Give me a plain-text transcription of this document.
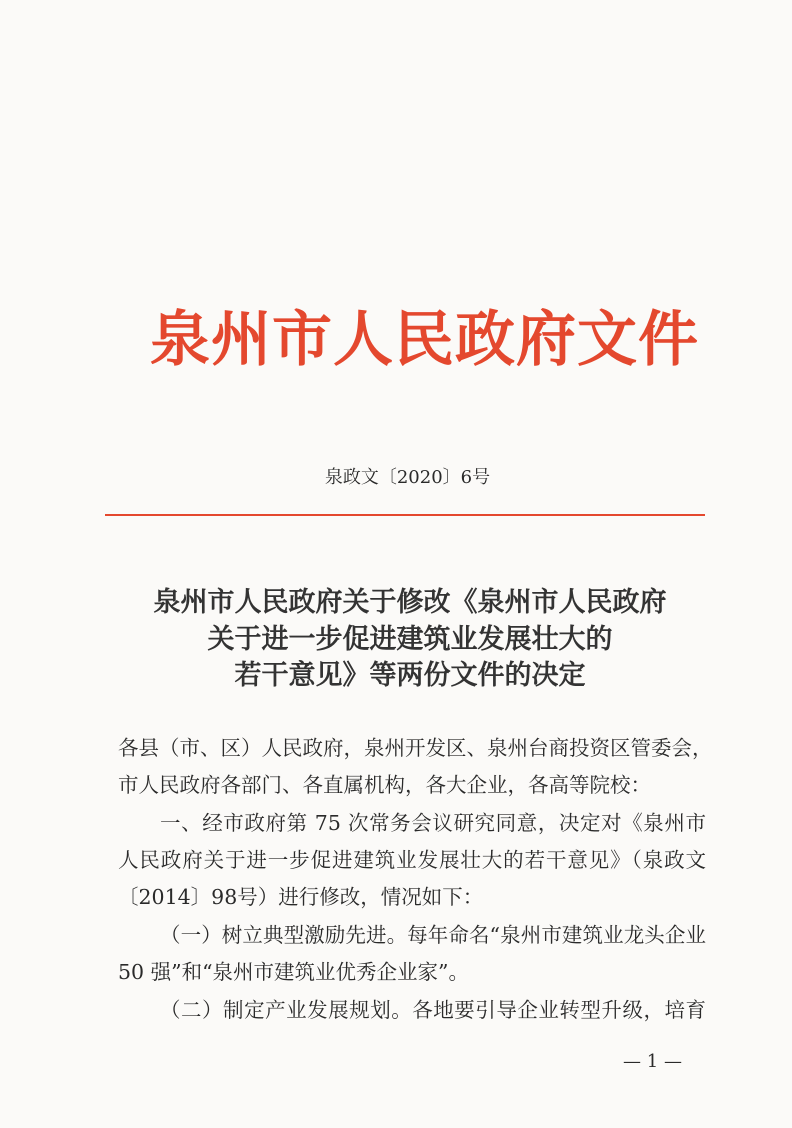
泉州市人民政府文件
泉政文〔2020〕6号
泉州市人民政府关于修改《泉州市人民政府
关于进一步促进建筑业发展壮大的
若干意见》等两份文件的决定
各县（市、区）人民政府，泉州开发区、泉州台商投资区管委会，
市人民政府各部门、各直属机构，各大企业，各高等院校：
一、经市政府第 75 次常务会议研究同意，决定对《泉州市
人民政府关于进一步促进建筑业发展壮大的若干意见》（泉政文
〔2014〕98号）进行修改，情况如下：
（一）树立典型激励先进。每年命名“泉州市建筑业龙头企业
50 强”和“泉州市建筑业优秀企业家”。
（二）制定产业发展规划。各地要引导企业转型升级，培育
— 1 —
